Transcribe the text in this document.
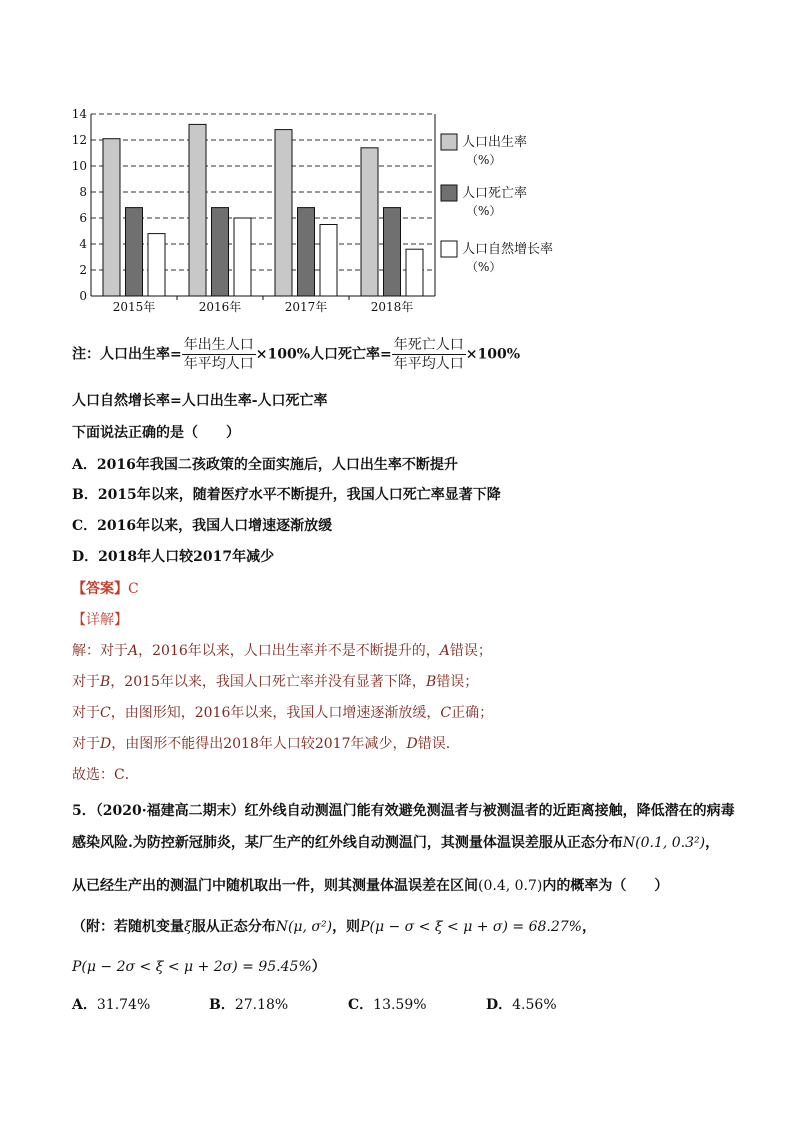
0
2
4
6
8
10
12
14
2015年	2016年	2017年	2018年
人口出生率
（%）
人口死亡率
（%）
人口自然增长率
（%）
注：人口出生率= $\frac{\text{年出生人口}}{\text{年平均人口}} \times 100\%$人口死亡率= $\frac{\text{年死亡人口}}{\text{年平均人口}} \times 100\%$
人口自然增长率=人口出生率-人口死亡率
下面说法正确的是（　　）
A．2016年我国二孩政策的全面实施后，人口出生率不断提升
B．2015年以来，随着医疗水平不断提升，我国人口死亡率显著下降
C．2016年以来，我国人口增速逐渐放缓
D．2018年人口较2017年减少
【答案】C
【详解】
解：对于A，2016年以来，人口出生率并不是不断提升的，A错误；
对于B，2015年以来，我国人口死亡率并没有显著下降，B错误；
对于C，由图形知，2016年以来，我国人口增速逐渐放缓，C正确；
对于D，由图形不能得出2018年人口较2017年减少，D错误.
故选：C．
5．（2020·福建高二期末）红外线自动测温门能有效避免测温者与被测温者的近距离接触，降低潜在的病毒
感染风险.为防控新冠肺炎，某厂生产的红外线自动测温门，其测量体温误差服从正态分布N(0.1, 0.3²)，
从已经生产出的测温门中随机取出一件，则其测量体温误差在区间(0.4, 0.7)内的概率为（　　）
（附：若随机变量ξ服从正态分布N(μ, σ²)，则P(μ − σ < ξ < μ + σ) = 68.27%，
P(μ − 2σ < ξ < μ + 2σ) = 95.45%）
A．31.74%	B．27.18%	C．13.59%	D．4.56%
